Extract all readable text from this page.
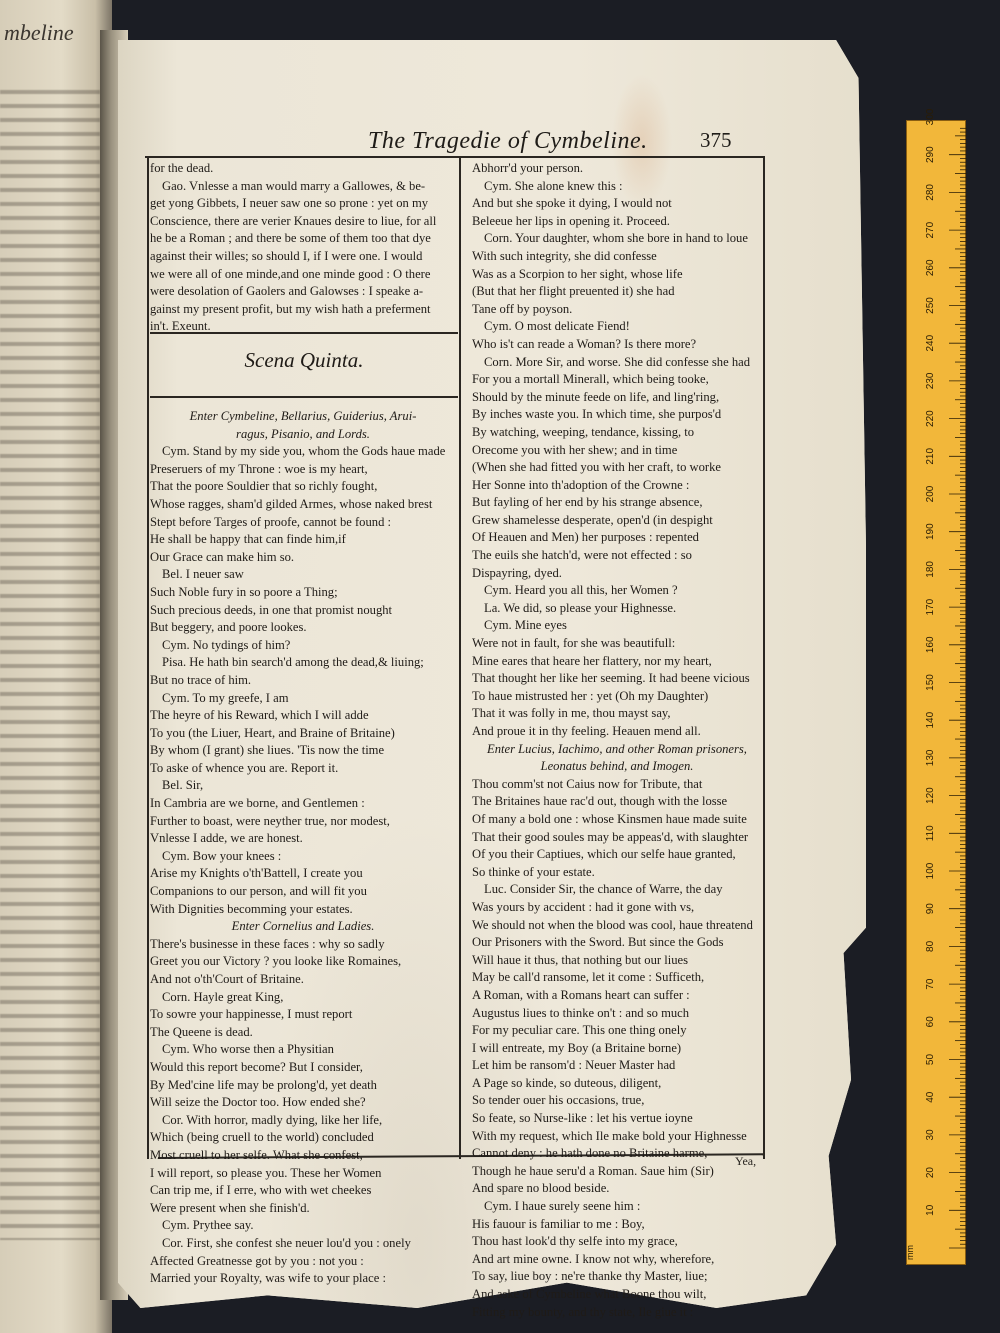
mbeline
The Tragedie of Cymbeline. 375
for the dead.
Gao. Vnlesse a man would marry a Gallowes, & be-
get yong Gibbets, I neuer saw one so prone : yet on my
Conscience, there are verier Knaues desire to liue, for all
he be a Roman ; and there be some of them too that dye
against their willes; so should I, if I were one. I would
we were all of one minde,and one minde good : O there
were desolation of Gaolers and Galowses : I speake a-
gainst my present profit, but my wish hath a preferment
in't. Exeunt.
Scena Quinta.
Enter Cymbeline, Bellarius, Guiderius, Arui-
ragus, Pisanio, and Lords.
Cym. Stand by my side you, whom the Gods haue made
Preseruers of my Throne : woe is my heart,
That the poore Souldier that so richly fought,
Whose ragges, sham'd gilded Armes, whose naked brest
Stept before Targes of proofe, cannot be found :
He shall be happy that can finde him,if
Our Grace can make him so.
Bel. I neuer saw
Such Noble fury in so poore a Thing;
Such precious deeds, in one that promist nought
But beggery, and poore lookes.
Cym. No tydings of him?
Pisa. He hath bin search'd among the dead,& liuing;
But no trace of him.
Cym. To my greefe, I am
The heyre of his Reward, which I will adde
To you (the Liuer, Heart, and Braine of Britaine)
By whom (I grant) she liues. 'Tis now the time
To aske of whence you are. Report it.
Bel. Sir,
In Cambria are we borne, and Gentlemen :
Further to boast, were neyther true, nor modest,
Vnlesse I adde, we are honest.
Cym. Bow your knees :
Arise my Knights o'th'Battell, I create you
Companions to our person, and will fit you
With Dignities becomming your estates.
Enter Cornelius and Ladies.
There's businesse in these faces : why so sadly
Greet you our Victory ? you looke like Romaines,
And not o'th'Court of Britaine.
Corn. Hayle great King,
To sowre your happinesse, I must report
The Queene is dead.
Cym. Who worse then a Physitian
Would this report become? But I consider,
By Med'cine life may be prolong'd, yet death
Will seize the Doctor too. How ended she?
Cor. With horror, madly dying, like her life,
Which (being cruell to the world) concluded
Most cruell to her selfe. What she confest,
I will report, so please you. These her Women
Can trip me, if I erre, who with wet cheekes
Were present when she finish'd.
Cym. Prythee say.
Cor. First, she confest she neuer lou'd you : onely
Affected Greatnesse got by you : not you :
Married your Royalty, was wife to your place :
Abhorr'd your person.
Cym. She alone knew this :
And but she spoke it dying, I would not
Beleeue her lips in opening it. Proceed.
Corn. Your daughter, whom she bore in hand to loue
With such integrity, she did confesse
Was as a Scorpion to her sight, whose life
(But that her flight preuented it) she had
Tane off by poyson.
Cym. O most delicate Fiend!
Who is't can reade a Woman? Is there more?
Corn. More Sir, and worse. She did confesse she had
For you a mortall Minerall, which being tooke,
Should by the minute feede on life, and ling'ring,
By inches waste you. In which time, she purpos'd
By watching, weeping, tendance, kissing, to
Orecome you with her shew; and in time
(When she had fitted you with her craft, to worke
Her Sonne into th'adoption of the Crowne :
But fayling of her end by his strange absence,
Grew shamelesse desperate, open'd (in despight
Of Heauen and Men) her purposes : repented
The euils she hatch'd, were not effected : so
Dispayring, dyed.
Cym. Heard you all this, her Women ?
La. We did, so please your Highnesse.
Cym. Mine eyes
Were not in fault, for she was beautifull:
Mine eares that heare her flattery, nor my heart,
That thought her like her seeming. It had beene vicious
To haue mistrusted her : yet (Oh my Daughter)
That it was folly in me, thou mayst say,
And proue it in thy feeling. Heauen mend all.
Enter Lucius, Iachimo, and other Roman prisoners,
Leonatus behind, and Imogen.
Thou comm'st not Caius now for Tribute, that
The Britaines haue rac'd out, though with the losse
Of many a bold one : whose Kinsmen haue made suite
That their good soules may be appeas'd, with slaughter
Of you their Captiues, which our selfe haue granted,
So thinke of your estate.
Luc. Consider Sir, the chance of Warre, the day
Was yours by accident : had it gone with vs,
We should not when the blood was cool, haue threatend
Our Prisoners with the Sword. But since the Gods
Will haue it thus, that nothing but our liues
May be call'd ransome, let it come : Sufficeth,
A Roman, with a Romans heart can suffer :
Augustus liues to thinke on't : and so much
For my peculiar care. This one thing onely
I will entreate, my Boy (a Britaine borne)
Let him be ransom'd : Neuer Master had
A Page so kinde, so duteous, diligent,
So tender ouer his occasions, true,
So feate, so Nurse-like : let his vertue ioyne
With my request, which Ile make bold your Highnesse
Cannot deny : he hath done no Britaine harme,
Though he haue seru'd a Roman. Saue him (Sir)
And spare no blood beside.
Cym. I haue surely seene him :
His fauour is familiar to me : Boy,
Thou hast look'd thy selfe into my grace,
And art mine owne. I know not why, wherefore,
To say, liue boy : ne're thanke thy Master, liue;
And aske of Cymbeline what Boone thou wilt,
Fitting my bounty, and thy state, Ile giue it :
Yea,
10
20
30
40
50
60
70
80
90
100
110
120
130
140
150
160
170
180
190
200
210
220
230
240
250
260
270
280
290
300
mm
